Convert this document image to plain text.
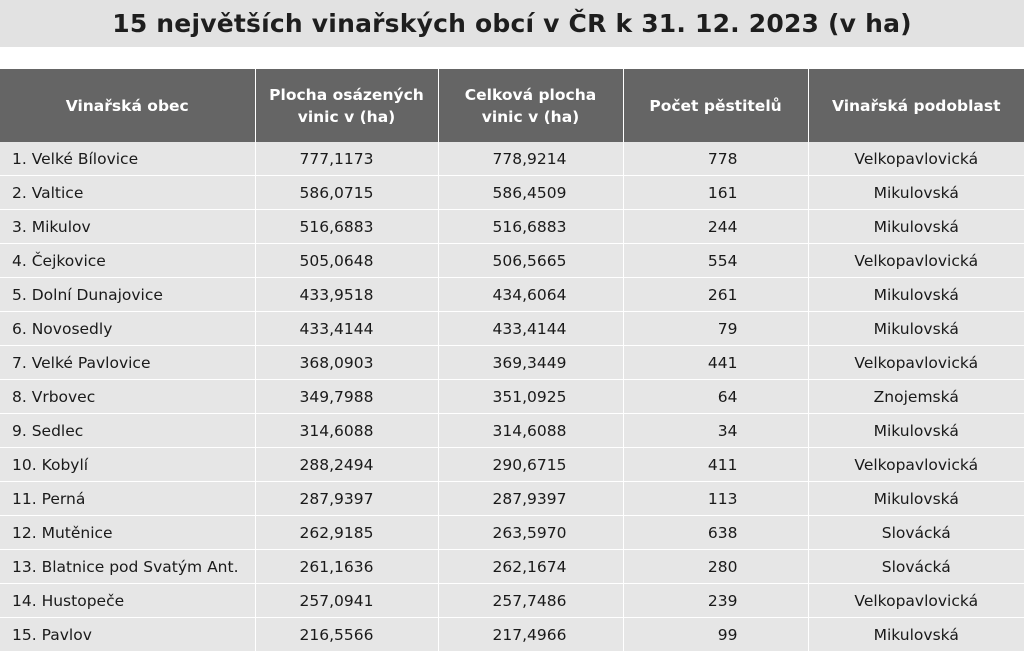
15 největších vinařských obcí v ČR k 31. 12. 2023 (v ha)
Vinařská obec	Plocha osázených vinic v (ha)	Celková plocha vinic v (ha)	Počet pěstitelů	Vinařská podoblast
1. Velké Bílovice	777,1173	778,9214	778	Velkopavlovická
2. Valtice	586,0715	586,4509	161	Mikulovská
3. Mikulov	516,6883	516,6883	244	Mikulovská
4. Čejkovice	505,0648	506,5665	554	Velkopavlovická
5. Dolní Dunajovice	433,9518	434,6064	261	Mikulovská
6. Novosedly	433,4144	433,4144	79	Mikulovská
7. Velké Pavlovice	368,0903	369,3449	441	Velkopavlovická
8. Vrbovec	349,7988	351,0925	64	Znojemská
9. Sedlec	314,6088	314,6088	34	Mikulovská
10. Kobylí	288,2494	290,6715	411	Velkopavlovická
11. Perná	287,9397	287,9397	113	Mikulovská
12. Mutěnice	262,9185	263,5970	638	Slovácká
13. Blatnice pod Svatým Ant.	261,1636	262,1674	280	Slovácká
14. Hustopeče	257,0941	257,7486	239	Velkopavlovická
15. Pavlov	216,5566	217,4966	99	Mikulovská
